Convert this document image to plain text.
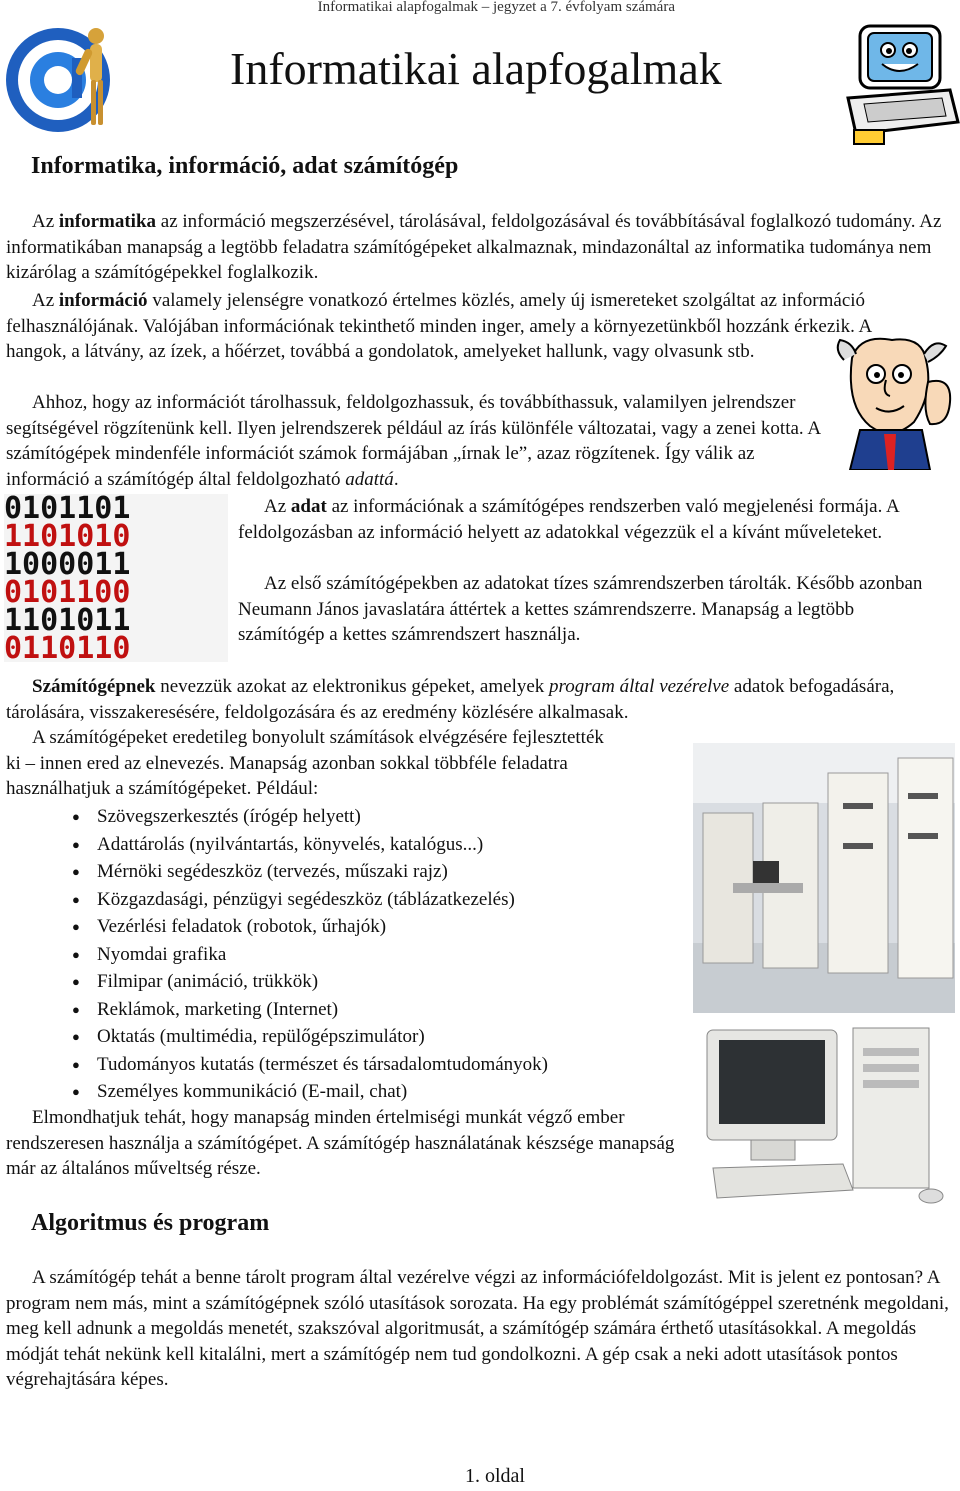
Informatikai alapfogalmak – jegyzet a 7. évfolyam számára
Informatikai alapfogalmak
Informatika, információ, adat számítógép
Az informatika az információ megszerzésével, tárolásával, feldolgozásával és továbbításával foglalkozó tudomány. Az informatikában manapság a legtöbb feladatra számítógépeket alkalmaznak, mindazonáltal az informatika tudománya nem kizárólag a számítógépekkel foglalkozik.
Az információ valamely jelenségre vonatkozó értelmes közlés, amely új ismereteket szolgáltat az információ felhasználójának. Valójában információnak tekinthető minden inger, amely a környezetünkből hozzánk érkezik. A hangok, a látvány, az ízek, a hőérzet, továbbá a gondolatok, amelyeket hallunk, vagy olvasunk stb.
Ahhoz, hogy az információt tárolhassuk, feldolgozhassuk, és továbbíthassuk, valamilyen jelrendszer segítségével rögzítenünk kell. Ilyen jelrendszerek például az írás különféle változatai, vagy a zenei kotta. A számítógépek mindenféle információt számok formájában „írnak le”, azaz rögzítenek. Így válik az információ a számítógép által feldolgozható adattá.
0101101
1101010
1000011
0101100
1101011
0110110
Az adat az információnak a számítógépes rendszerben való megjelenési formája. A feldolgozásban az információ helyett az adatokkal végezzük el a kívánt műveleteket.
Az első számítógépekben az adatokat tízes számrendszerben tárolták. Később azonban Neumann János javaslatára áttértek a kettes számrendszerre. Manapság a legtöbb számítógép a kettes számrendszert használja.
Számítógépnek nevezzük azokat az elektronikus gépeket, amelyek program által vezérelve adatok befogadására, tárolására, visszakeresésére, feldolgozására és az eredmény közlésére alkalmasak.
A számítógépeket eredetileg bonyolult számítások elvégzésére fejlesztették ki – innen ered az elnevezés. Manapság azonban sokkal többféle feladatra használhatjuk a számítógépeket. Például:
● Szövegszerkesztés (írógép helyett)
● Adattárolás (nyilvántartás, könyvelés, katalógus...)
● Mérnöki segédeszköz (tervezés, műszaki rajz)
● Közgazdasági, pénzügyi segédeszköz (táblázatkezelés)
● Vezérlési feladatok (robotok, űrhajók)
● Nyomdai grafika
● Filmipar (animáció, trükkök)
● Reklámok, marketing (Internet)
● Oktatás (multimédia, repülőgépszimulátor)
● Tudományos kutatás (természet és társadalomtudományok)
● Személyes kommunikáció (E-mail, chat)
Elmondhatjuk tehát, hogy manapság minden értelmiségi munkát végző ember rendszeresen használja a számítógépet. A számítógép használatának készsége manapság már az általános műveltség része.
Algoritmus és program
A számítógép tehát a benne tárolt program által vezérelve végzi az információfeldolgozást. Mit is jelent ez pontosan? A program nem más, mint a számítógépnek szóló utasítások sorozata. Ha egy problémát számítógéppel szeretnénk megoldani, meg kell adnunk a megoldás menetét, szakszóval algoritmusát, a számítógép számára érthető utasításokkal. A megoldás módját tehát nekünk kell kitalálni, mert a számítógép nem tud gondolkozni. A gép csak a neki adott utasítások pontos végrehajtására képes.
1. oldal
